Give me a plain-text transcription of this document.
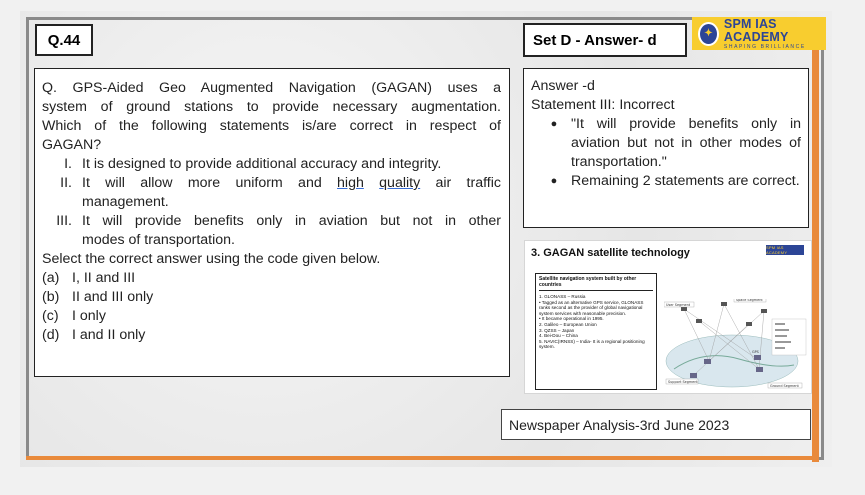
Q.44	Set D - Answer- d	✦
SPM IAS ACADEMY
SHAPING BRILLIANCE
Q. GPS-Aided Geo Augmented Navigation (GAGAN) uses a
system of ground stations to provide necessary augmentation.
Which of the following statements is/are correct in respect of
GAGAN?
I. It is designed to provide additional accuracy and integrity.
II. It will allow more uniform and high quality air traffic
management.
III. It will provide benefits only in aviation but not in other
modes of transportation.
Select the correct answer using the code given below.
(a) I, II and III
(b) II and III only
(c) I only
(d) I and II only
Answer -d
Statement III: Incorrect
● "It will provide benefits only in aviation but not in other modes of transportation."
● Remaining 2 statements are correct.
3. GAGAN satellite technology	SPM IAS ACADEMY
Satellite navigation system built by other countries
1. GLONASS – Russia
• Tagged as an alternative GPS service, GLONASS ranks second as the provider of global navigational system services with reasonable precision.
• It became operational in 1995.
2. Galileo – European Union
3. QZSS – Japan
4. Bei-Dou – China
5. NAVIC(IRNSS) – India- It is a regional positioning system.
User Segment
Space Segment
Support Segment
Ground Segment
GPS
Newspaper Analysis-3rd June 2023
